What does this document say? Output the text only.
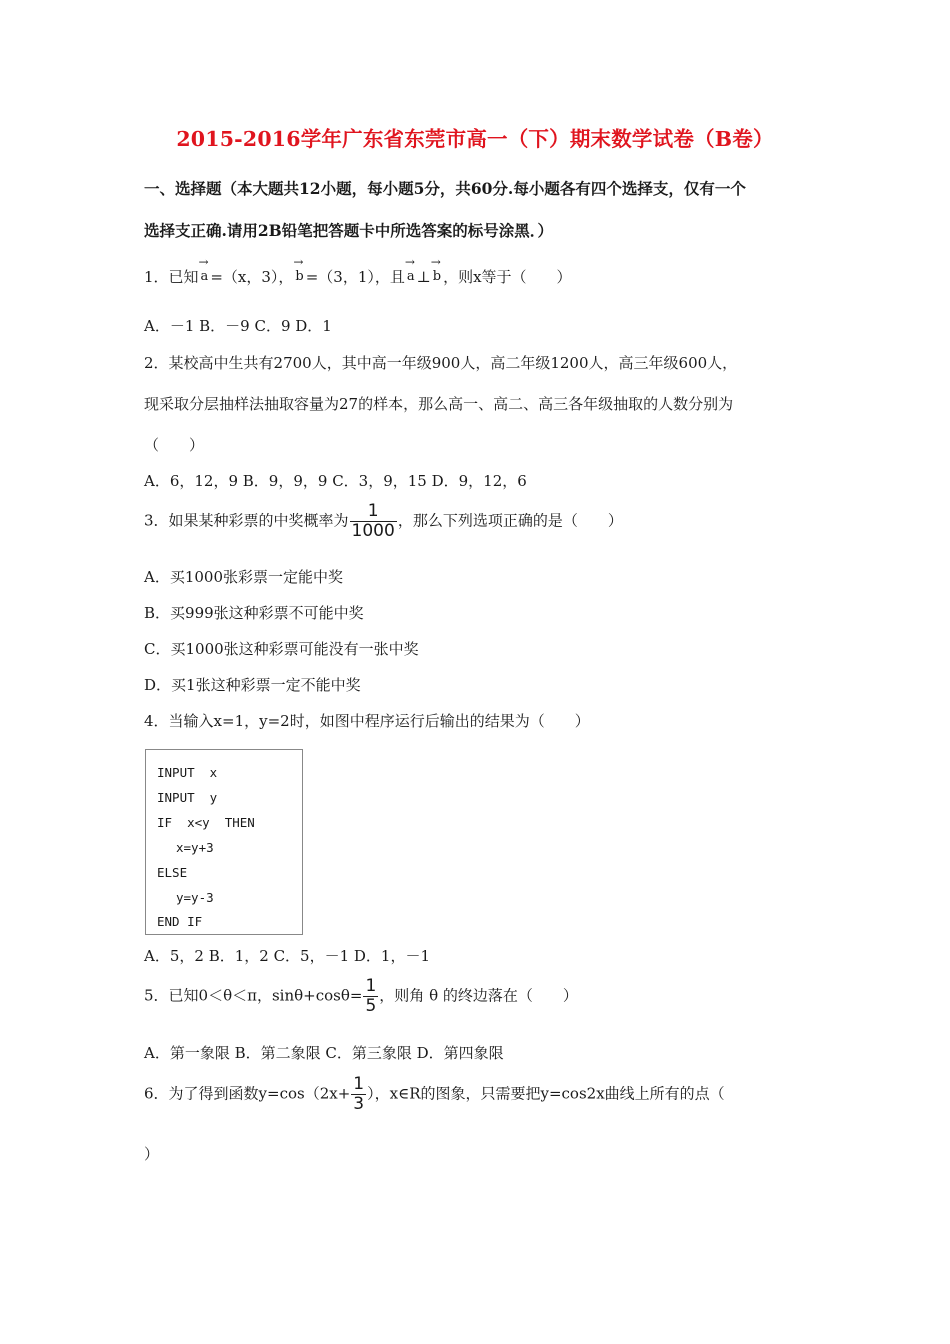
2015-2016学年广东省东莞市高一（下）期末数学试卷（B卷）
一、选择题（本大题共12小题，每小题5分，共60分.每小题各有四个选择支，仅有一个
选择支正确.请用2B铅笔把答题卡中所选答案的标号涂黑．）
1．已知 → a =（x，3）， → b =（3，1），且 → a ⊥ → b ，则x等于（　　）
A．－1 B．－9 C．9 D．1
2．某校高中生共有2700人，其中高一年级900人，高二年级1200人，高三年级600人，
现采取分层抽样法抽取容量为27的样本，那么高一、高二、高三各年级抽取的人数分别为
（　　）
A．6，12，9 B．9，9，9 C．3，9，15 D．9，12，6
3．如果某种彩票的中奖概率为 $\frac{1}{1000}$ ，那么下列选项正确的是（　　）
A．买1000张彩票一定能中奖
B．买999张这种彩票不可能中奖
C．买1000张这种彩票可能没有一张中奖
D．买1张这种彩票一定不能中奖
4．当输入x=1，y=2时，如图中程序运行后输出的结果为（　　）
INPUT  x
INPUT  y
IF  x<y  THEN
x=y+3
ELSE
y=y-3
END IF
A．5，2 B．1，2 C．5，－1 D．1，－1
5．已知0＜θ＜π，$\sin\theta+\cos\theta= \frac{1}{5}$ ，则角 θ 的终边落在（　　）
A．第一象限 B．第二象限 C．第三象限 D．第四象限
6．为了得到函数$y=\cos(2x+ \frac{1}{3}$ ），x∈R的图象，只需要把y=cos2x曲线上所有的点（
）
